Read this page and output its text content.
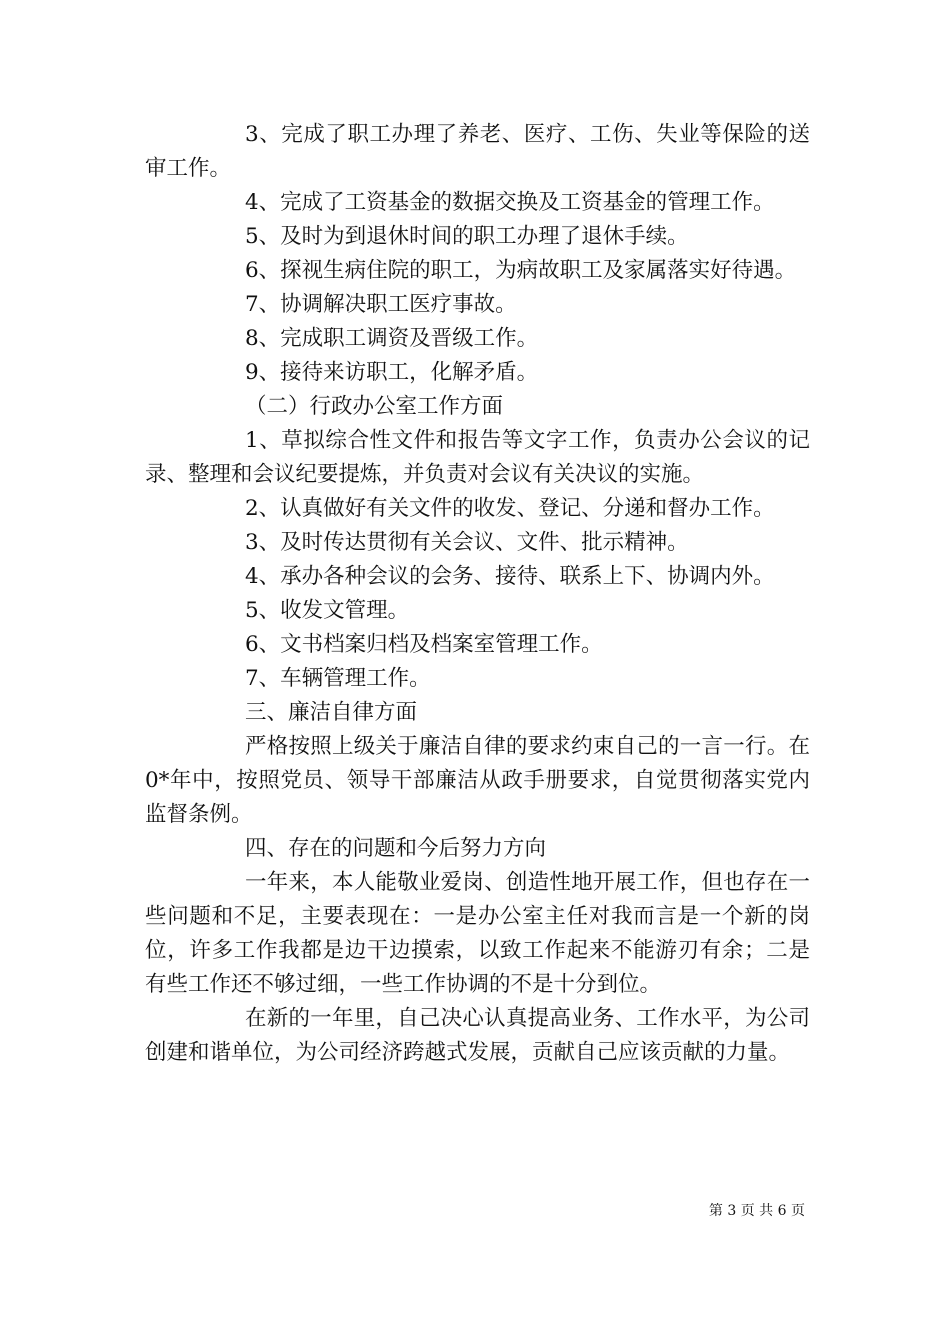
3、完成了职工办理了养老、医疗、工伤、失业等保险的送审工作。

4、完成了工资基金的数据交换及工资基金的管理工作。

5、及时为到退休时间的职工办理了退休手续。

6、探视生病住院的职工，为病故职工及家属落实好待遇。

7、协调解决职工医疗事故。

8、完成职工调资及晋级工作。

9、接待来访职工，化解矛盾。

（二）行政办公室工作方面

1、草拟综合性文件和报告等文字工作，负责办公会议的记录、整理和会议纪要提炼，并负责对会议有关决议的实施。

2、认真做好有关文件的收发、登记、分递和督办工作。

3、及时传达贯彻有关会议、文件、批示精神。

4、承办各种会议的会务、接待、联系上下、协调内外。

5、收发文管理。

6、文书档案归档及档案室管理工作。

7、车辆管理工作。

三、廉洁自律方面

严格按照上级关于廉洁自律的要求约束自己的一言一行。在0*年中，按照党员、领导干部廉洁从政手册要求，自觉贯彻落实党内监督条例。

四、存在的问题和今后努力方向

一年来，本人能敬业爱岗、创造性地开展工作，但也存在一些问题和不足，主要表现在：一是办公室主任对我而言是一个新的岗位，许多工作我都是边干边摸索，以致工作起来不能游刃有余；二是有些工作还不够过细，一些工作协调的不是十分到位。

在新的一年里，自己决心认真提高业务、工作水平，为公司创建和谐单位，为公司经济跨越式发展，贡献自己应该贡献的力量。

第 3 页 共 6 页
